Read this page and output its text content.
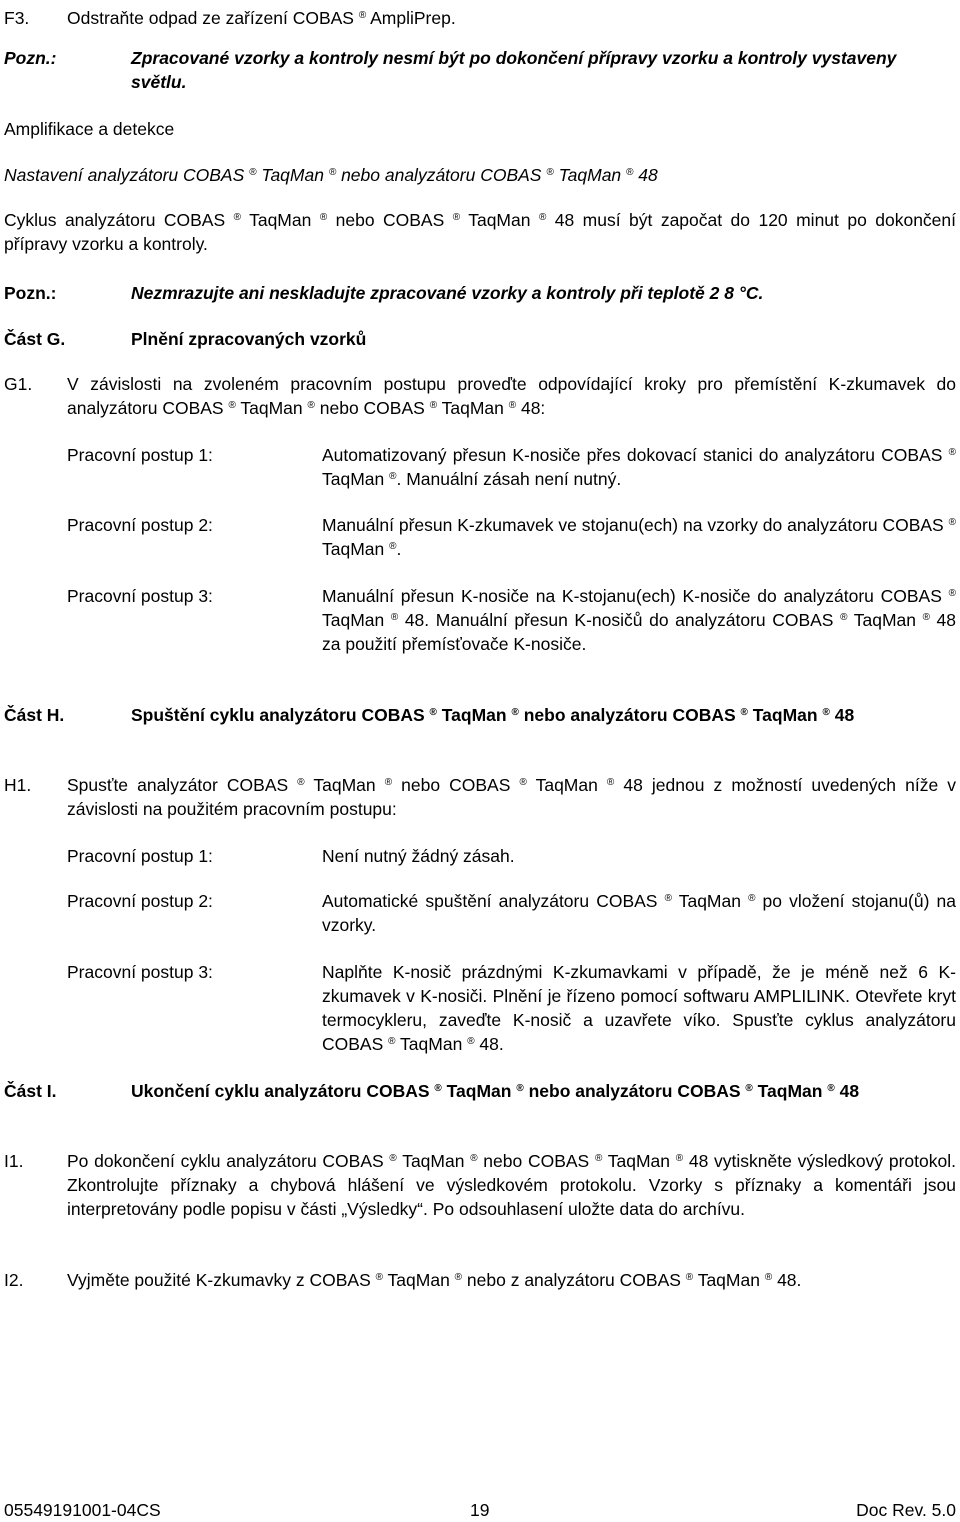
F3. Odstraňte odpad ze zařízení COBAS ® AmpliPrep.
Pozn.:	Zpracované vzorky a kontroly nesmí být po dokončení přípravy vzorku a kontroly vystaveny světlu.
Amplifikace a detekce
Nastavení analyzátoru COBAS ® TaqMan ® nebo analyzátoru COBAS ® TaqMan ® 48
Cyklus analyzátoru COBAS ® TaqMan ® nebo COBAS ® TaqMan ® 48 musí být započat do 120 minut po dokončení přípravy vzorku a kontroly.
Pozn.:	Nezmrazujte ani neskladujte zpracované vzorky a kontroly při teplotě 2 8 °C.
Část G.	Plnění zpracovaných vzorků
G1. V závislosti na zvoleném pracovním postupu proveďte odpovídající kroky pro přemístění K-zkumavek do analyzátoru COBAS ® TaqMan ® nebo COBAS ® TaqMan ® 48:
Pracovní postup 1:	Automatizovaný přesun K-nosiče přes dokovací stanici do analyzátoru COBAS ® TaqMan ®. Manuální zásah není nutný.
Pracovní postup 2:	Manuální přesun K-zkumavek ve stojanu(ech) na vzorky do analyzátoru COBAS ® TaqMan ®.
Pracovní postup 3:	Manuální přesun K-nosiče na K-stojanu(ech) K-nosiče do analyzátoru COBAS ® TaqMan ® 48. Manuální přesun K-nosičů do analyzátoru COBAS ® TaqMan ® 48 za použití přemísťovače K-nosiče.
Část H.	Spuštění cyklu analyzátoru COBAS ® TaqMan ® nebo analyzátoru COBAS ® TaqMan ® 48
H1. Spusťte analyzátor COBAS ® TaqMan ® nebo COBAS ® TaqMan ® 48 jednou z možností uvedených níže v závislosti na použitém pracovním postupu:
Pracovní postup 1:	Není nutný žádný zásah.
Pracovní postup 2:	Automatické spuštění analyzátoru COBAS ® TaqMan ® po vložení stojanu(ů) na vzorky.
Pracovní postup 3:	Naplňte K-nosič prázdnými K-zkumavkami v případě, že je méně než 6 K-zkumavek v K-nosiči. Plnění je řízeno pomocí softwaru AMPLILINK. Otevřete kryt termocykleru, zaveďte K-nosič a uzavřete víko. Spusťte cyklus analyzátoru COBAS ® TaqMan ® 48.
Část I.	Ukončení cyklu analyzátoru COBAS ® TaqMan ® nebo analyzátoru COBAS ® TaqMan ® 48
I1. Po dokončení cyklu analyzátoru COBAS ® TaqMan ® nebo COBAS ® TaqMan ® 48 vytiskněte výsledkový protokol. Zkontrolujte příznaky a chybová hlášení ve výsledkovém protokolu. Vzorky s příznaky a komentáři jsou interpretovány podle popisu v části „Výsledky“. Po odsouhlasení uložte data do archívu.
I2. Vyjměte použité K-zkumavky z COBAS ® TaqMan ® nebo z analyzátoru COBAS ® TaqMan ® 48.
05549191001-04CS	19	Doc Rev. 5.0
